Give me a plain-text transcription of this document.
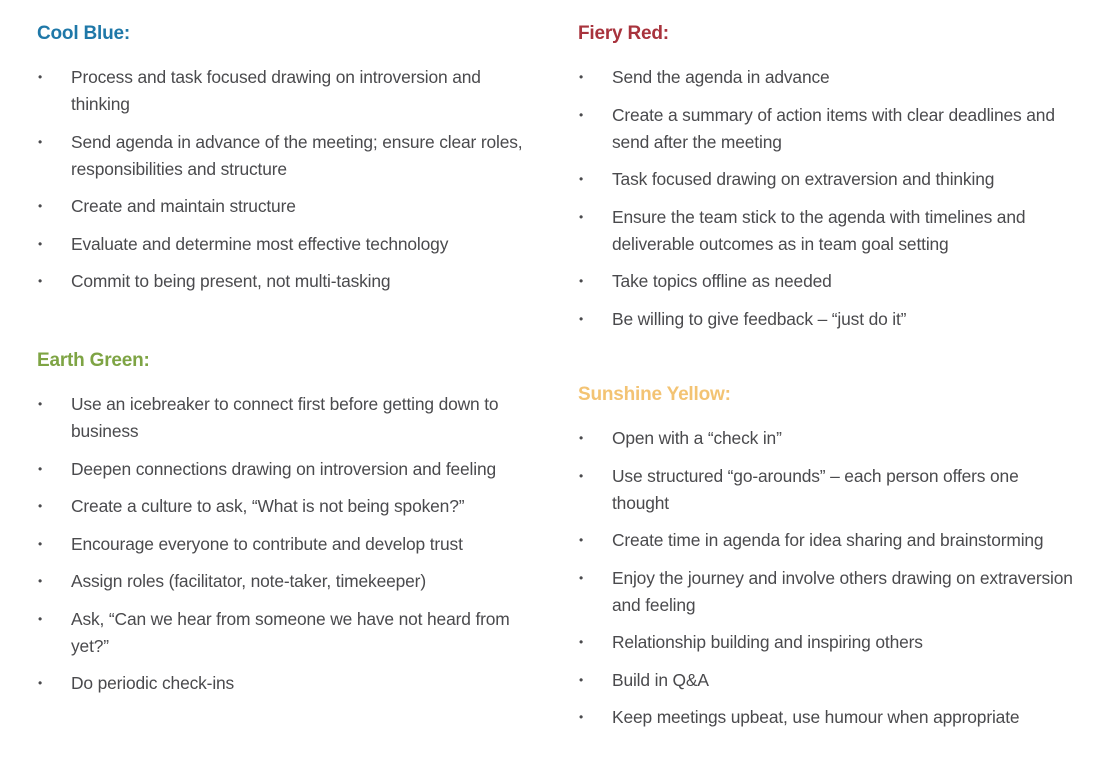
Cool Blue:
•	Process and task focused drawing on introversion and thinking
•	Send agenda in advance of the meeting; ensure clear roles, responsibilities and structure
•	Create and maintain structure
•	Evaluate and determine most effective technology
•	Commit to being present, not multi-tasking
Earth Green:
•	Use an icebreaker to connect first before getting down to business
•	Deepen connections drawing on introversion and feeling
•	Create a culture to ask, “What is not being spoken?”
•	Encourage everyone to contribute and develop trust
•	Assign roles (facilitator, note-taker, timekeeper)
•	Ask, “Can we hear from someone we have not heard from yet?”
•	Do periodic check-ins
Fiery Red:
•	Send the agenda in advance
•	Create a summary of action items with clear deadlines and send after the meeting
•	Task focused drawing on extraversion and thinking
•	Ensure the team stick to the agenda with timelines and deliverable outcomes as in team goal setting
•	Take topics offline as needed
•	Be willing to give feedback – “just do it”
Sunshine Yellow:
•	Open with a “check in”
•	Use structured “go-arounds” – each person offers one thought
•	Create time in agenda for idea sharing and brainstorming
•	Enjoy the journey and involve others drawing on extraversion and feeling
•	Relationship building and inspiring others
•	Build in Q&A
•	Keep meetings upbeat, use humour when appropriate
